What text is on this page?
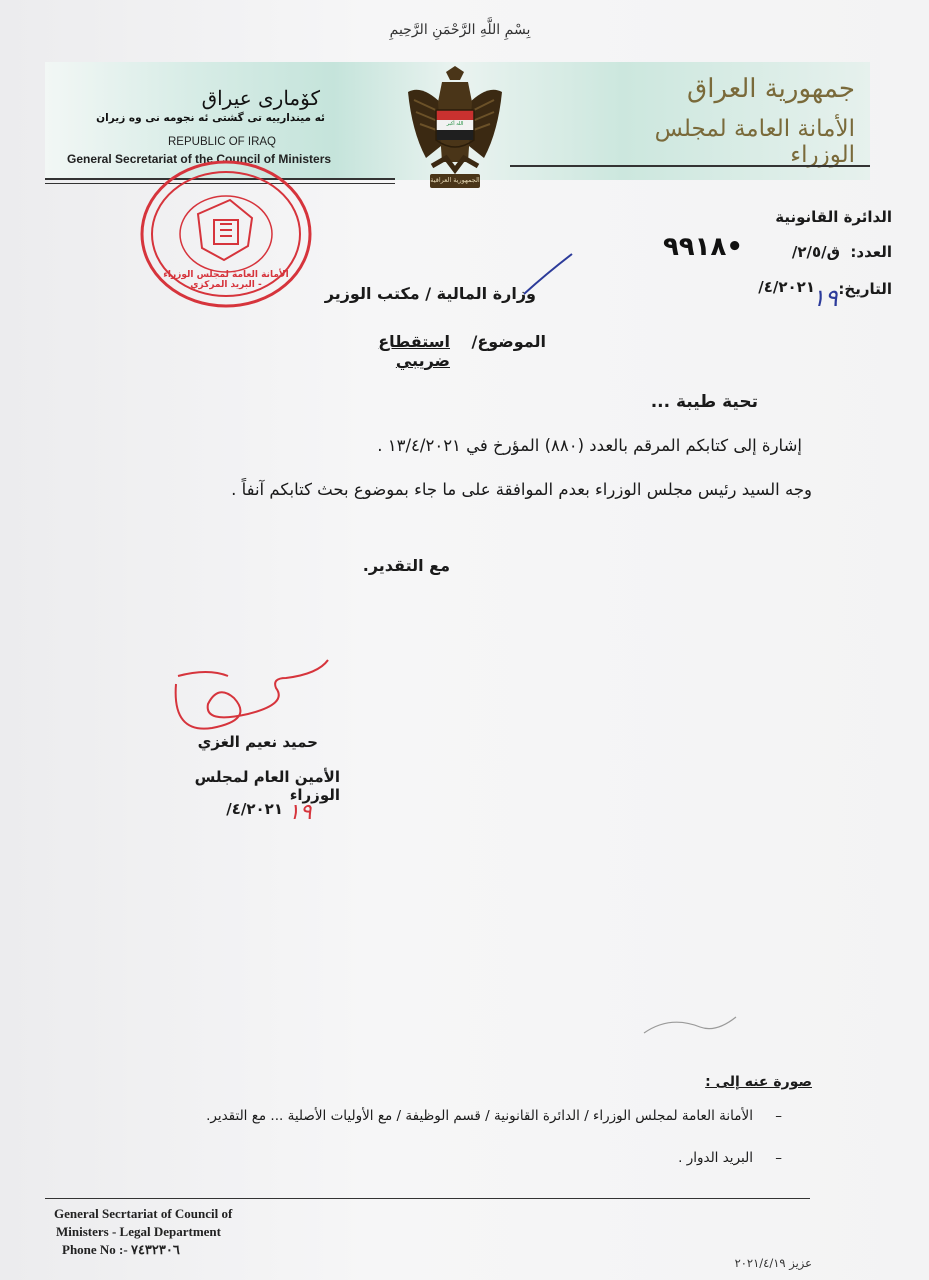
بِسْمِ اللَّهِ الرَّحْمَنِ الرَّحِيمِ
كۆماری عیراق
ئه میندارییه تی گشتی ئه نجومه نی وه زیران
REPUBLIC OF IRAQ
General Secretariat of the Council of Ministers
جمهورية العراق
الأمانة العامة لمجلس الوزراء
الله أكبر
الجمهورية العراقية
الأمانة العامة لمجلس الوزراء - البريد المركزي
الدائرة القانونية
العدد:
ق/٢/٥/
٩٩١٨•
التاريخ:
/٤/٢٠٢١
١٩
وزارة المالية / مكتب الوزير
الموضوع/
استقطاع ضريبي
تحية طيبة ...
إشارة إلى كتابكم المرقم بالعدد (٨٨٠) المؤرخ في ١٣/٤/٢٠٢١ .
وجه السيد رئيس مجلس الوزراء بعدم الموافقة على ما جاء بموضوع بحث كتابكم آنفاً .
مع التقدير.
حميد نعيم الغزي
الأمين العام لمجلس الوزراء
/٤/٢٠٢١ ١٩
صورة عنه إلى :
– الأمانة العامة لمجلس الوزراء / الدائرة القانونية / قسم الوظيفة / مع الأوليات الأصلية ... مع التقدير.
– البريد الدوار .
General Secrtariat of Council of
Ministers - Legal Department
Phone No :- ٧٤٣٢٣٠٦
عزيز ٢٠٢١/٤/١٩
